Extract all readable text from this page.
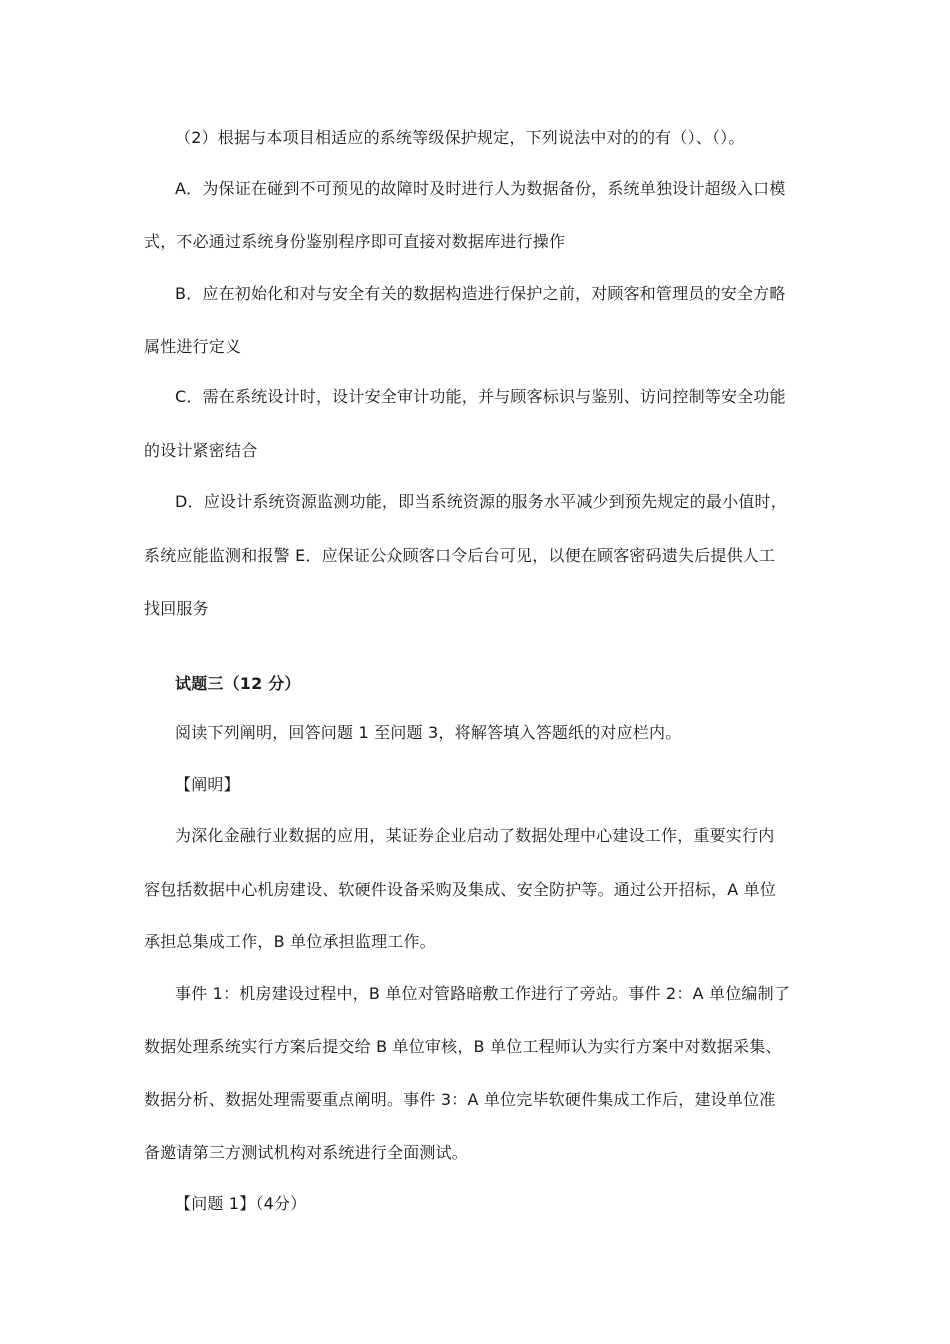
（2）根据与本项目相适应的系统等级保护规定，下列说法中对的的有（）、（）。
A．为保证在碰到不可预见的故障时及时进行人为数据备份，系统单独设计超级入口模
式，不必通过系统身份鉴别程序即可直接对数据库进行操作
B．应在初始化和对与安全有关的数据构造进行保护之前，对顾客和管理员的安全方略
属性进行定义
C．需在系统设计时，设计安全审计功能，并与顾客标识与鉴别、访问控制等安全功能
的设计紧密结合
D．应设计系统资源监测功能，即当系统资源的服务水平减少到预先规定的最小值时，
系统应能监测和报警 E．应保证公众顾客口令后台可见，以便在顾客密码遗失后提供人工
找回服务
试题三（12 分）
阅读下列阐明，回答问题 1 至问题 3，将解答填入答题纸的对应栏内。
【阐明】
为深化金融行业数据的应用，某证券企业启动了数据处理中心建设工作，重要实行内
容包括数据中心机房建设、软硬件设备采购及集成、安全防护等。通过公开招标，A 单位
承担总集成工作，B 单位承担监理工作。
事件 1：机房建设过程中，B 单位对管路暗敷工作进行了旁站。事件 2：A 单位编制了
数据处理系统实行方案后提交给 B 单位审核，B 单位工程师认为实行方案中对数据采集、
数据分析、数据处理需要重点阐明。事件 3：A 单位完毕软硬件集成工作后，建设单位准
备邀请第三方测试机构对系统进行全面测试。
【问题 1】（4分）
